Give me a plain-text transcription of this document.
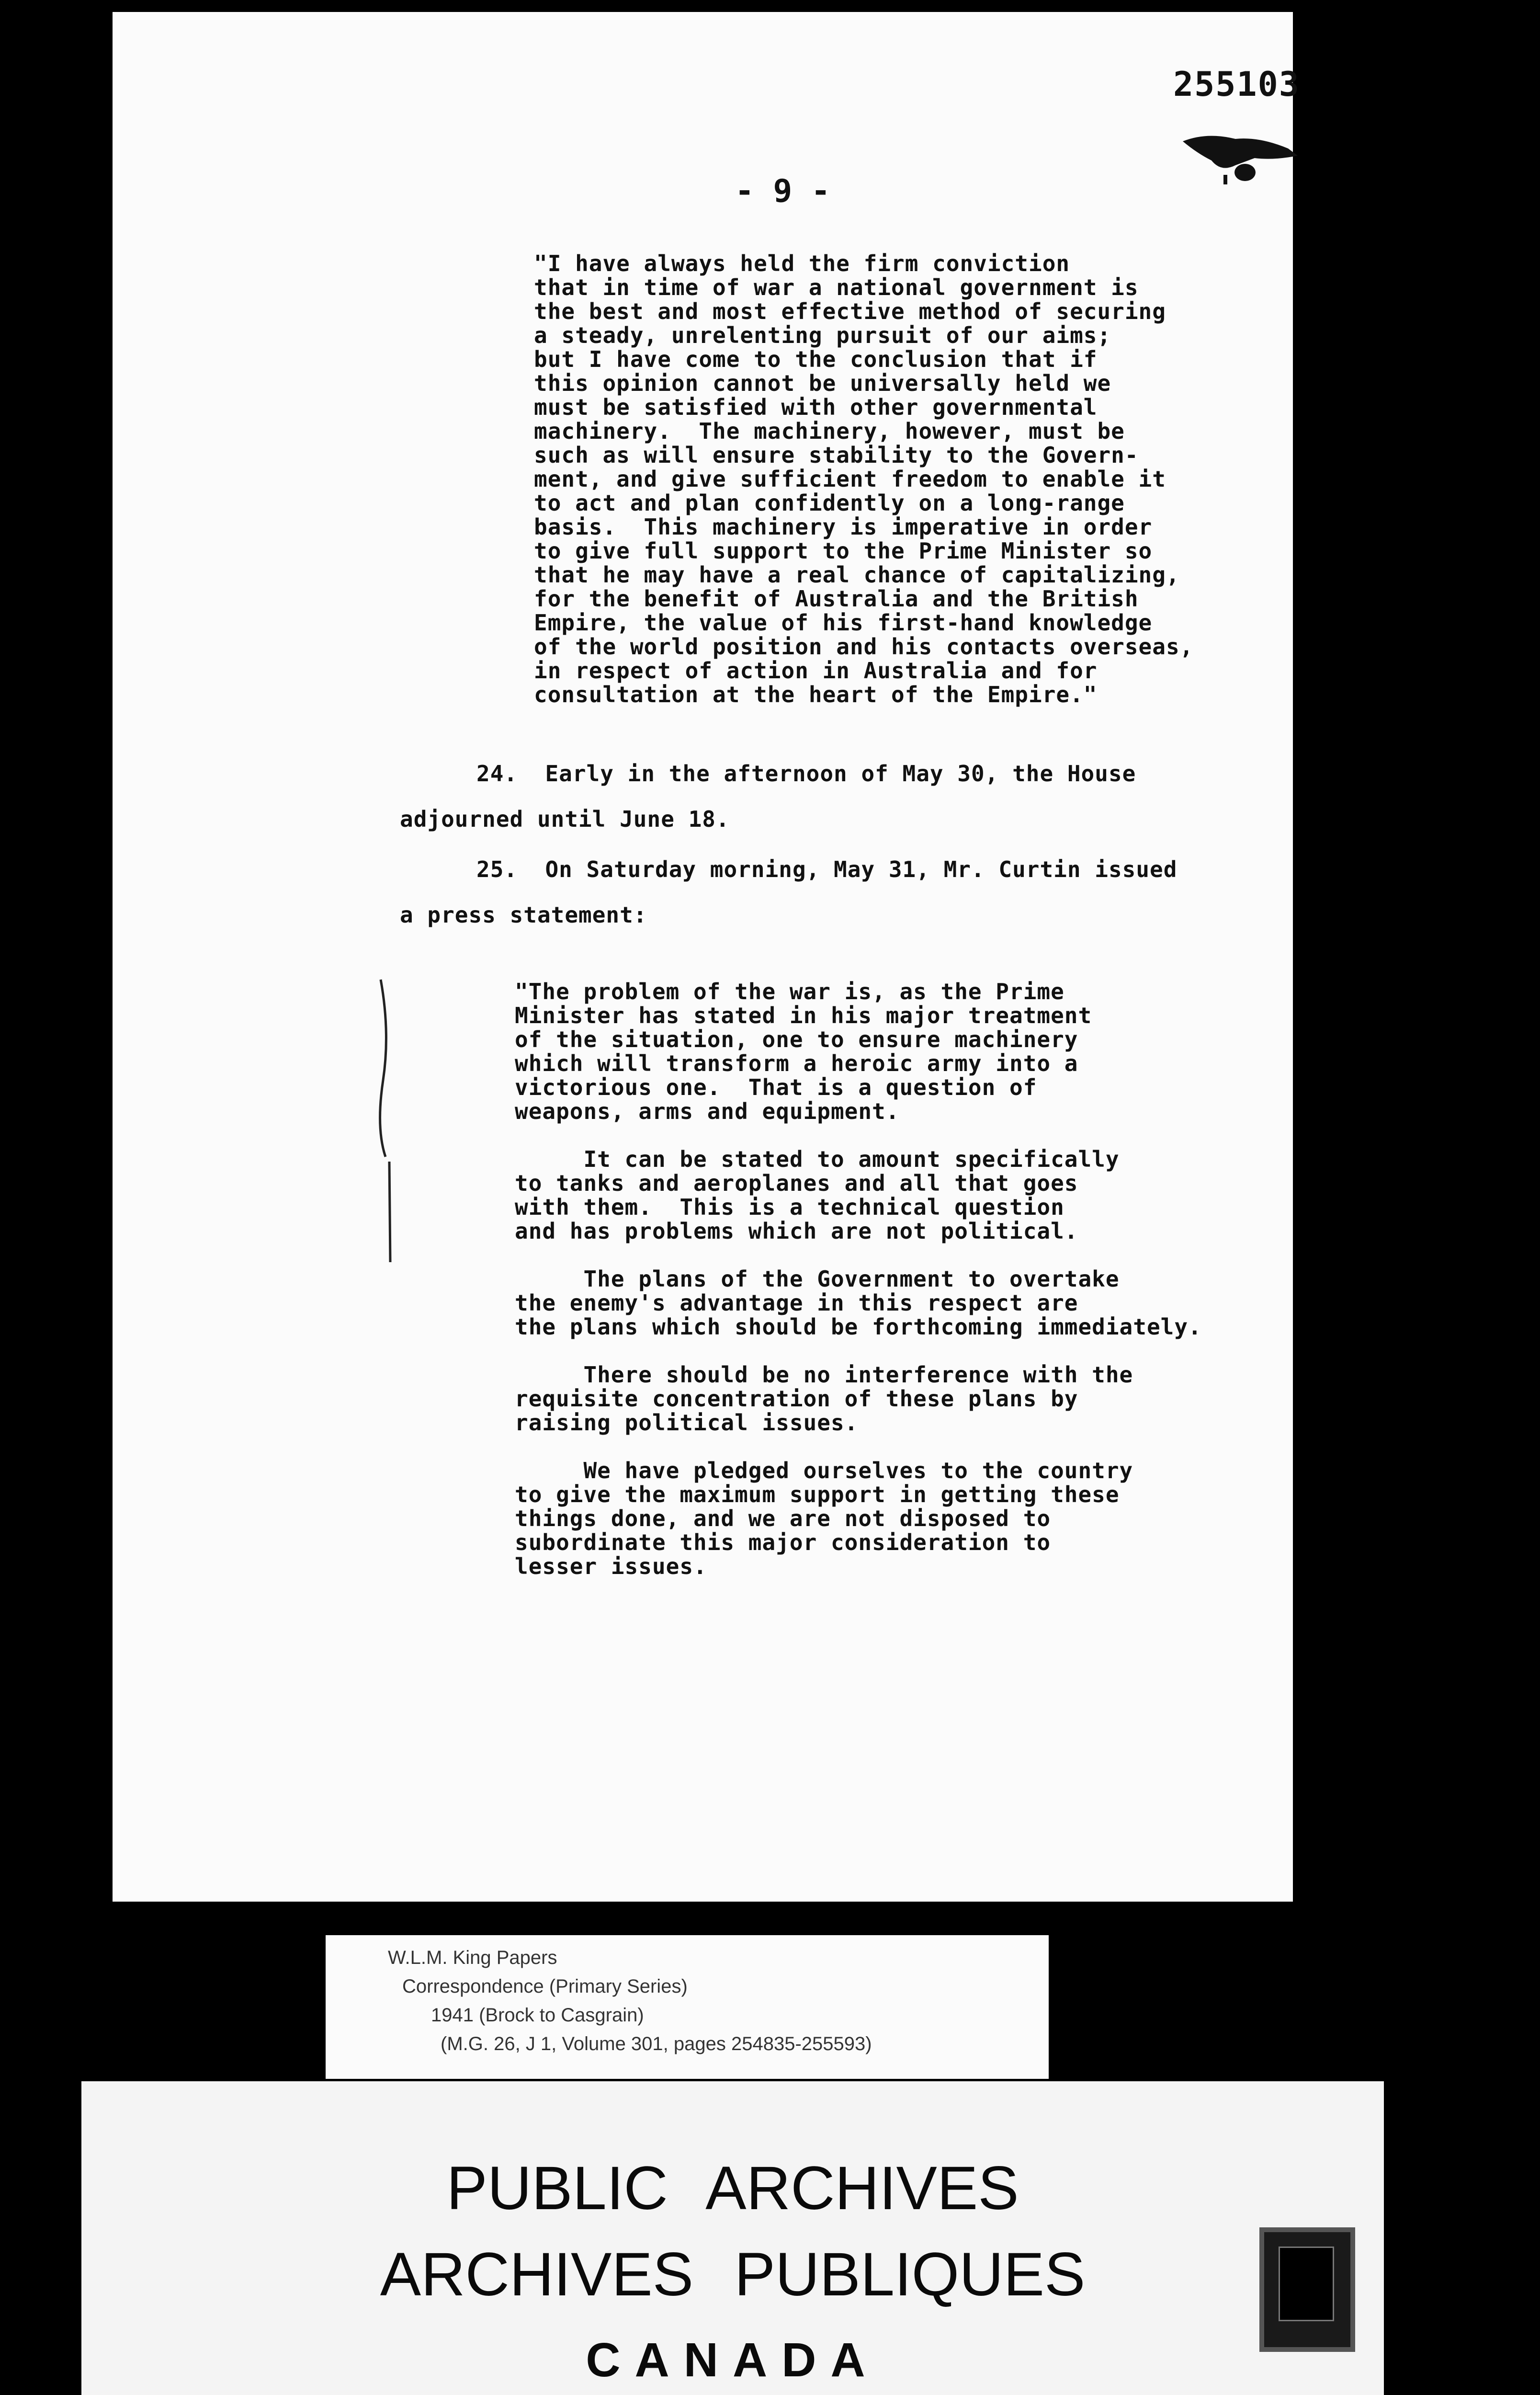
255103
- 9 -
"I have always held the firm conviction
that in time of war a national government is
the best and most effective method of securing
a steady, unrelenting pursuit of our aims;
but I have come to the conclusion that if
this opinion cannot be universally held we
must be satisfied with other governmental
machinery.  The machinery, however, must be
such as will ensure stability to the Govern-
ment, and give sufficient freedom to enable it
to act and plan confidently on a long-range
basis.  This machinery is imperative in order
to give full support to the Prime Minister so
that he may have a real chance of capitalizing,
for the benefit of Australia and the British
Empire, the value of his first-hand knowledge
of the world position and his contacts overseas,
in respect of action in Australia and for
consultation at the heart of the Empire."
24.  Early in the afternoon of May 30, the House
adjourned until June 18.
25.  On Saturday morning, May 31, Mr. Curtin issued
a press statement:
"The problem of the war is, as the Prime
Minister has stated in his major treatment
of the situation, one to ensure machinery
which will transform a heroic army into a
victorious one.  That is a question of
weapons, arms and equipment.

It can be stated to amount specifically
to tanks and aeroplanes and all that goes
with them.  This is a technical question
and has problems which are not political.

The plans of the Government to overtake
the enemy's advantage in this respect are
the plans which should be forthcoming immediately.

There should be no interference with the
requisite concentration of these plans by
raising political issues.

We have pledged ourselves to the country
to give the maximum support in getting these
things done, and we are not disposed to
subordinate this major consideration to
lesser issues.
W.L.M. King Papers
Correspondence (Primary Series)
1941 (Brock to Casgrain)
(M.G. 26, J 1, Volume 301, pages 254835-255593)
PUBLIC ARCHIVES
ARCHIVES PUBLIQUES
CANADA
